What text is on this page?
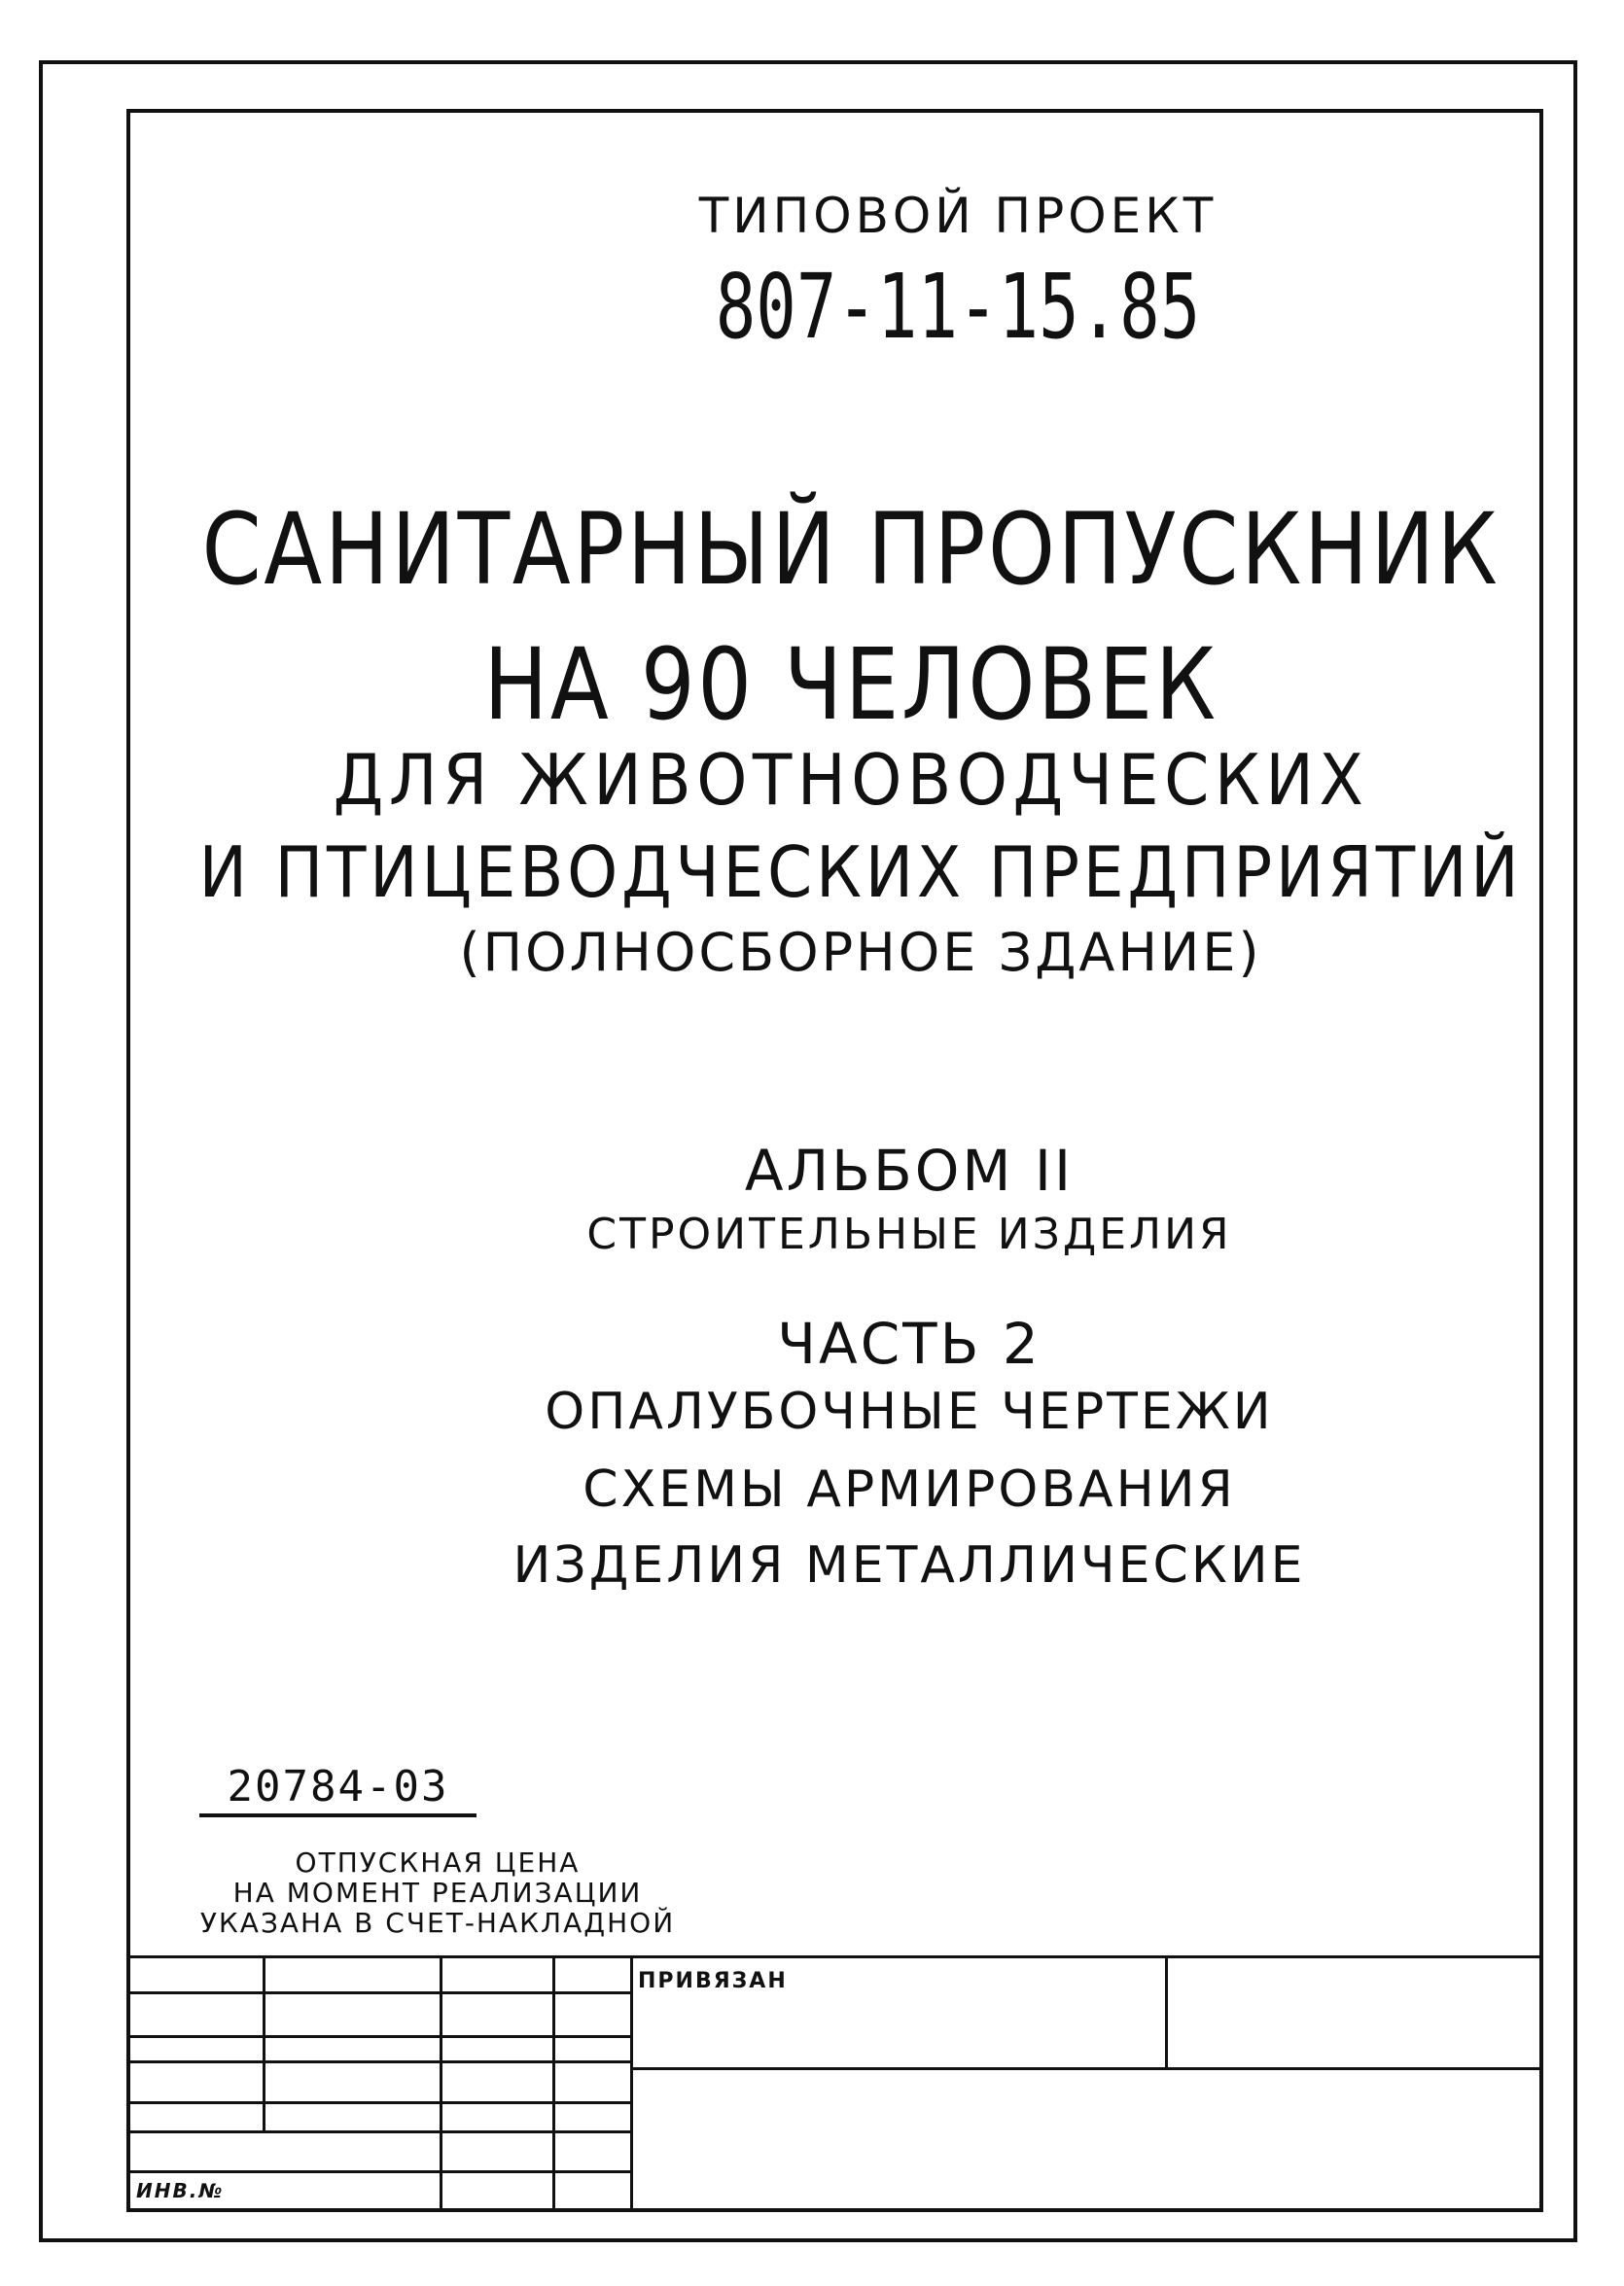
ТИПОВОЙ ПРОЕКТ
807-11-15.85
САНИТАРНЫЙ ПРОПУСКНИК
НА 90 ЧЕЛОВЕК
ДЛЯ ЖИВОТНОВОДЧЕСКИХ
И ПТИЦЕВОДЧЕСКИХ ПРЕДПРИЯТИЙ
(ПОЛНОСБОРНОЕ ЗДАНИЕ)
АЛЬБОМ II
СТРОИТЕЛЬНЫЕ ИЗДЕЛИЯ
ЧАСТЬ 2
ОПАЛУБОЧНЫЕ ЧЕРТЕЖИ
СХЕМЫ АРМИРОВАНИЯ
ИЗДЕЛИЯ МЕТАЛЛИЧЕСКИЕ
20784-03
ОТПУСКНАЯ ЦЕНА
НА МОМЕНТ РЕАЛИЗАЦИИ
УКАЗАНА В СЧЕТ-НАКЛАДНОЙ
ПРИВЯЗАН
ИНВ.№
